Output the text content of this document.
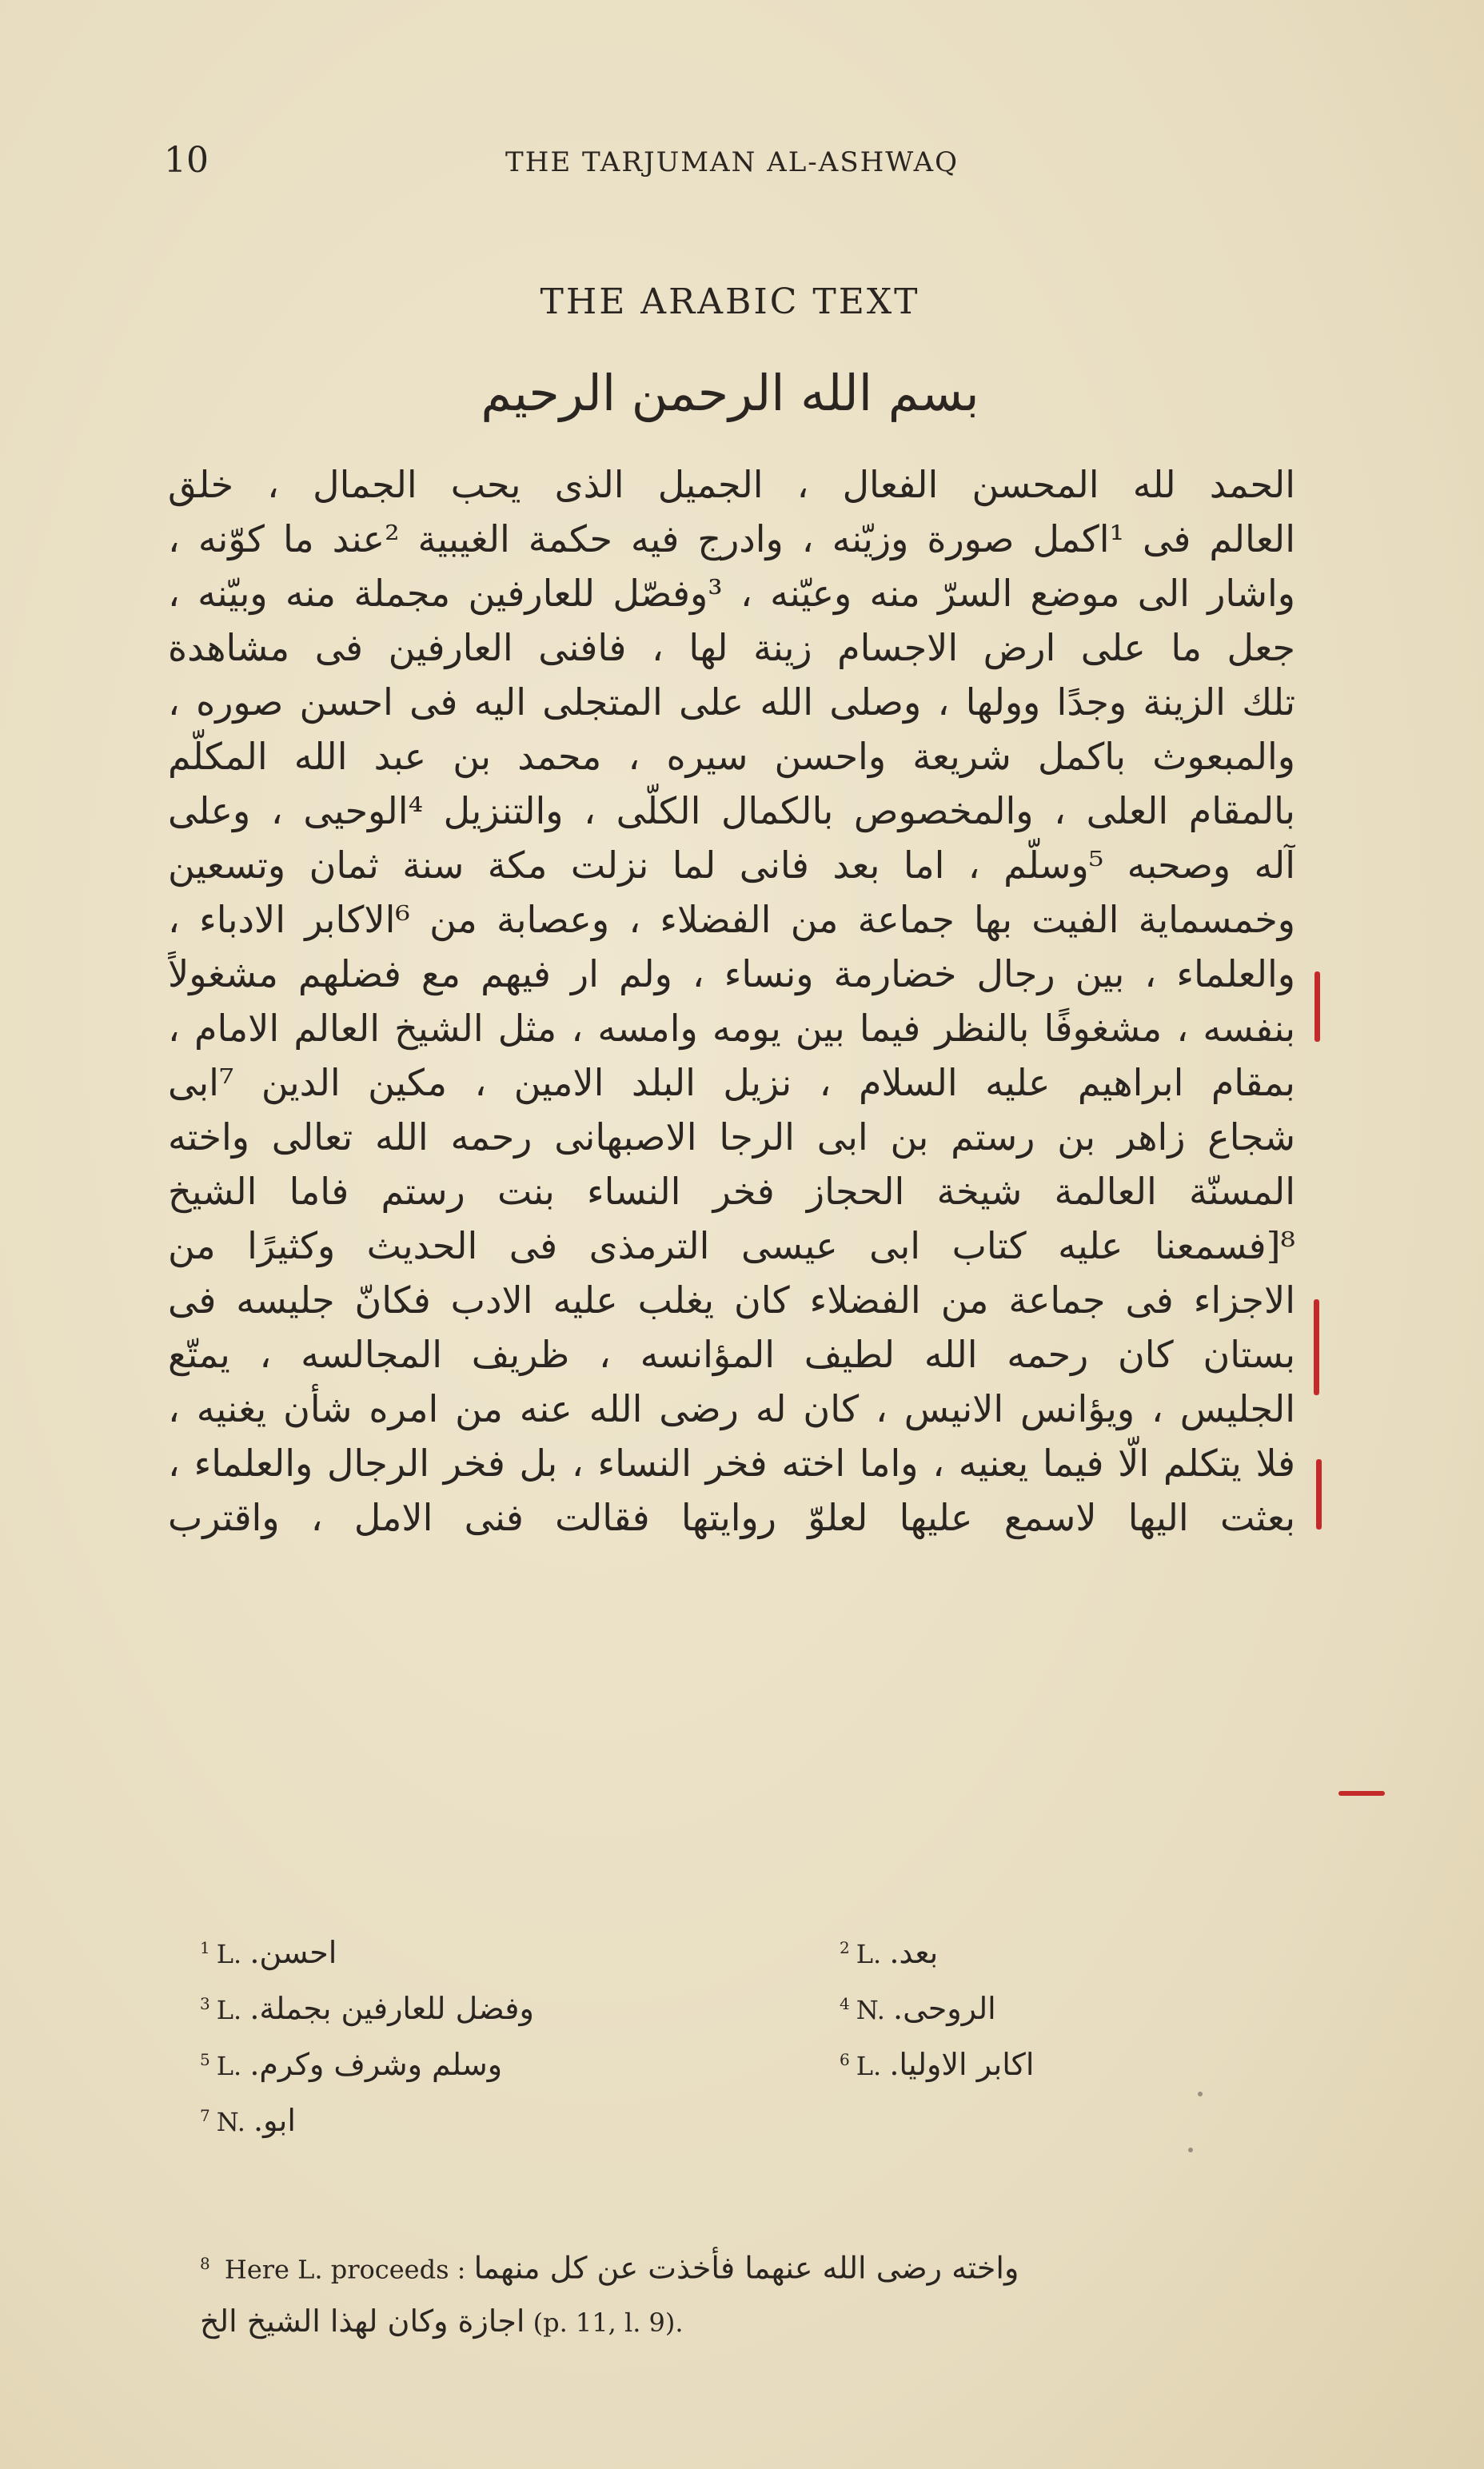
10	THE TARJUMAN AL-ASHWAQ
THE ARABIC TEXT
بسم الله الرحمن الرحيم
الحمد لله المحسن الفعال ، الجميل الذى يحب الجمال ، خلق
العالم فى ¹اكمل صورة وزيّنه ، وادرج فيه حكمة الغيبية ²عند ما كوّنه ،
واشار الى موضع السرّ منه وعيّنه ، ³وفصّل للعارفين مجملة منه وبيّنه ،
جعل ما على ارض الاجسام زينة لها ، فافنى العارفين فى مشاهدة
تلك الزينة وجدًا وولها ، وصلى الله على المتجلى اليه فى احسن صوره ،
والمبعوث باكمل شريعة واحسن سيره ، محمد بن عبد الله المكلّم
بالمقام العلى ، والمخصوص بالكمال الكلّى ، والتنزيل ⁴الوحيى ، وعلى
آله وصحبه ⁵وسلّم ، اما بعد فانى لما نزلت مكة سنة ثمان وتسعين
وخمسماية الفيت بها جماعة من الفضلاء ، وعصابة من ⁶الاكابر الادباء ،
والعلماء ، بين رجال خضارمة ونساء ، ولم ار فيهم مع فضلهم مشغولاً
بنفسه ، مشغوفًا بالنظر فيما بين يومه وامسه ، مثل الشيخ العالم الامام ،
بمقام ابراهيم عليه السلام ، نزيل البلد الامين ، مكين الدين ⁷ابى
شجاع زاهر بن رستم بن ابى الرجا الاصبهانى رحمه الله تعالى واخته
المسنّة العالمة شيخة الحجاز فخر النساء بنت رستم فاما الشيخ
⁸[فسمعنا عليه كتاب ابى عيسى الترمذى فى الحديث وكثيرًا من
الاجزاء فى جماعة من الفضلاء كان يغلب عليه الادب فكانّ جليسه فى
بستان كان رحمه الله لطيف المؤانسه ، ظريف المجالسه ، يمتّع
الجليس ، ويؤانس الانيس ، كان له رضى الله عنه من امره شأن يغنيه ،
فلا يتكلم الّا فيما يعنيه ، واما اخته فخر النساء ، بل فخر الرجال والعلماء ،
بعثت اليها لاسمع عليها لعلوّ روايتها فقالت فنى الامل ، واقترب
$^1$ L. احسن.	$^2$ L. بعد.
$^3$ L. وفضل للعارفين بجملة.	$^4$ N. الروحى.
$^5$ L. وسلم وشرف وكرم.	$^6$ L. اكابر الاوليا.
$^7$ N. ابو.
$^8$ Here L. proceeds : واخته رضى الله عنهما فأخذت عن كل منهما
اجازة وكان لهذا الشيخ الخ (p. 11, l. 9).
